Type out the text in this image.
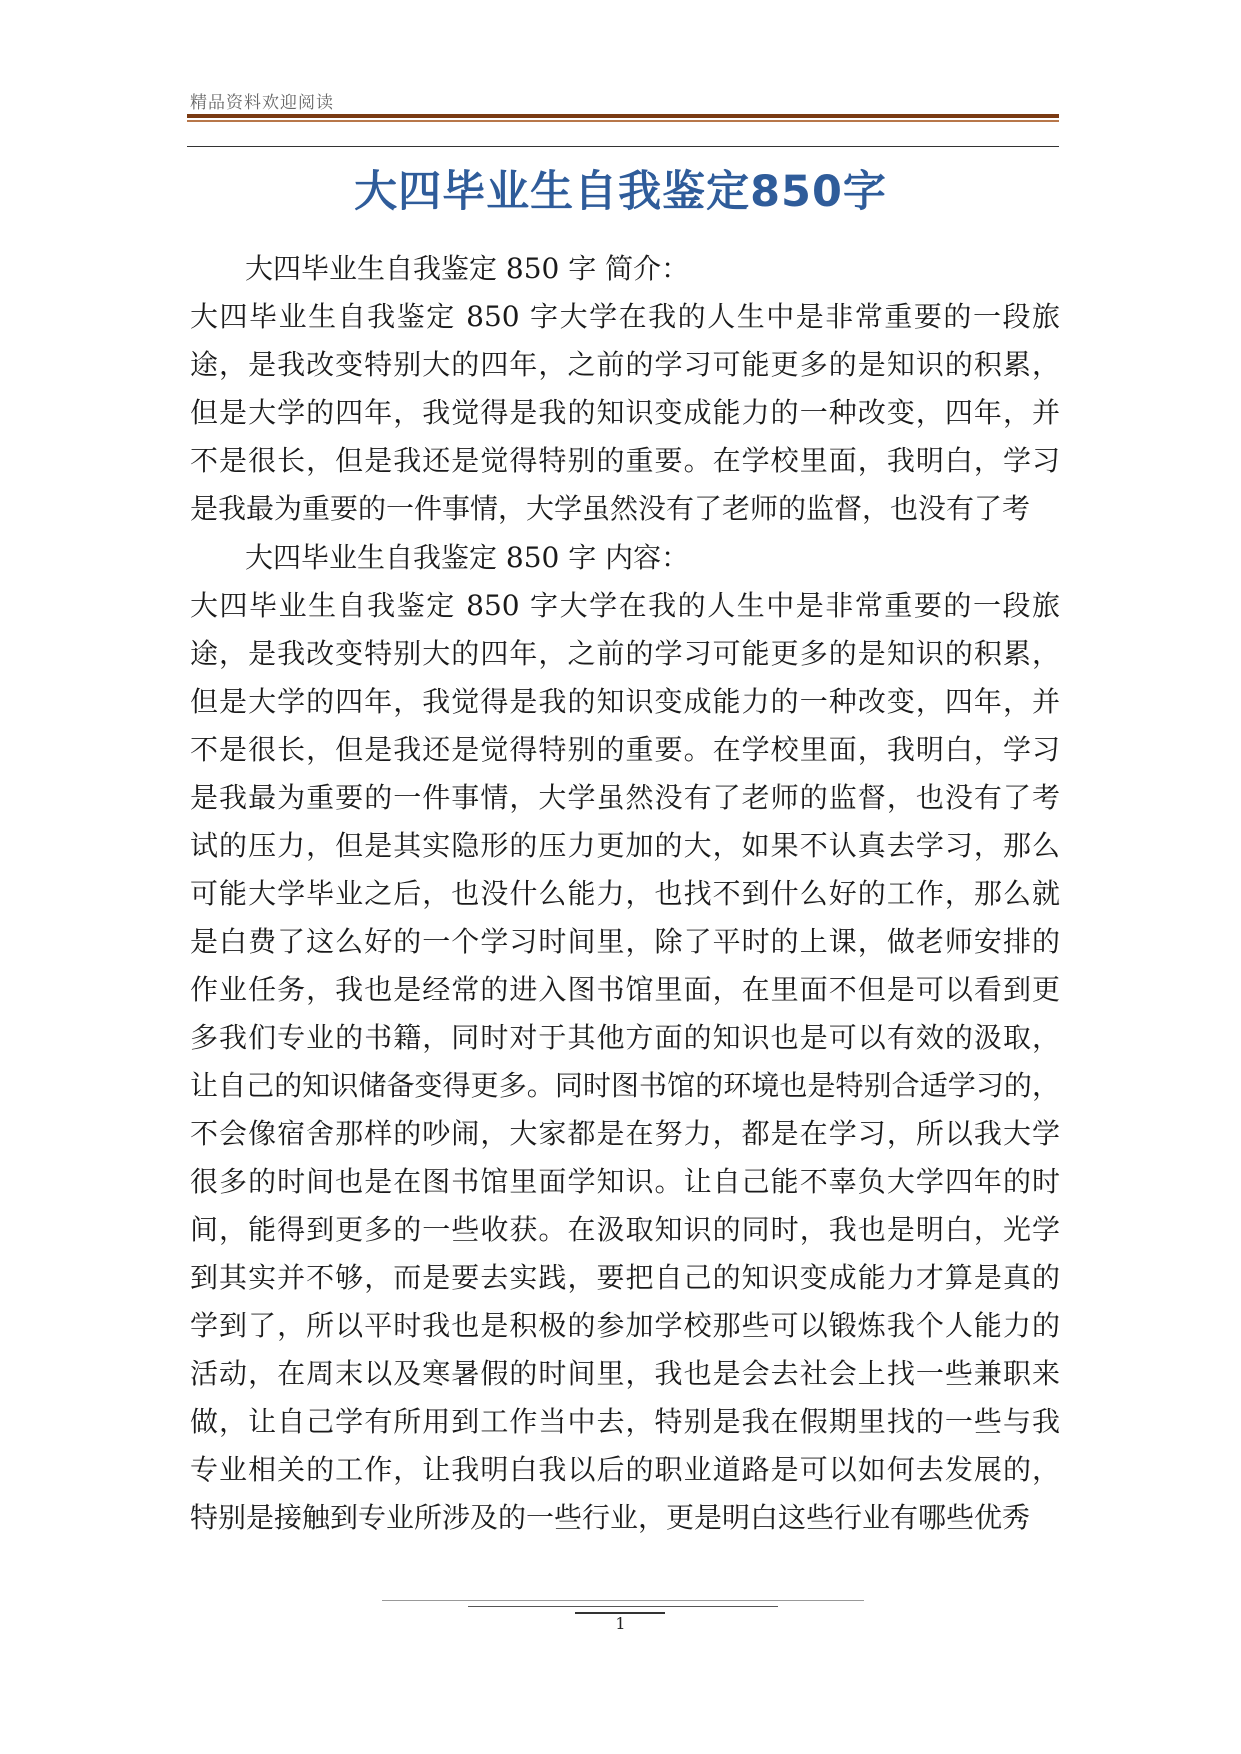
精品资料欢迎阅读
大四毕业生自我鉴定850字
大四毕业生自我鉴定 850 字 简介：
大四毕业生自我鉴定 850 字大学在我的人生中是非常重要的一段旅
途，是我改变特别大的四年，之前的学习可能更多的是知识的积累，
但是大学的四年，我觉得是我的知识变成能力的一种改变，四年，并
不是很长，但是我还是觉得特别的重要。在学校里面，我明白，学习
是我最为重要的一件事情，大学虽然没有了老师的监督，也没有了考
大四毕业生自我鉴定 850 字 内容：
大四毕业生自我鉴定 850 字大学在我的人生中是非常重要的一段旅
途，是我改变特别大的四年，之前的学习可能更多的是知识的积累，
但是大学的四年，我觉得是我的知识变成能力的一种改变，四年，并
不是很长，但是我还是觉得特别的重要。在学校里面，我明白，学习
是我最为重要的一件事情，大学虽然没有了老师的监督，也没有了考
试的压力，但是其实隐形的压力更加的大，如果不认真去学习，那么
可能大学毕业之后，也没什么能力，也找不到什么好的工作，那么就
是白费了这么好的一个学习时间里，除了平时的上课，做老师安排的
作业任务，我也是经常的进入图书馆里面，在里面不但是可以看到更
多我们专业的书籍，同时对于其他方面的知识也是可以有效的汲取，
让自己的知识储备变得更多。同时图书馆的环境也是特别合适学习的，
不会像宿舍那样的吵闹，大家都是在努力，都是在学习，所以我大学
很多的时间也是在图书馆里面学知识。让自己能不辜负大学四年的时
间，能得到更多的一些收获。在汲取知识的同时，我也是明白，光学
到其实并不够，而是要去实践，要把自己的知识变成能力才算是真的
学到了，所以平时我也是积极的参加学校那些可以锻炼我个人能力的
活动，在周末以及寒暑假的时间里，我也是会去社会上找一些兼职来
做，让自己学有所用到工作当中去，特别是我在假期里找的一些与我
专业相关的工作，让我明白我以后的职业道路是可以如何去发展的，
特别是接触到专业所涉及的一些行业，更是明白这些行业有哪些优秀
1
